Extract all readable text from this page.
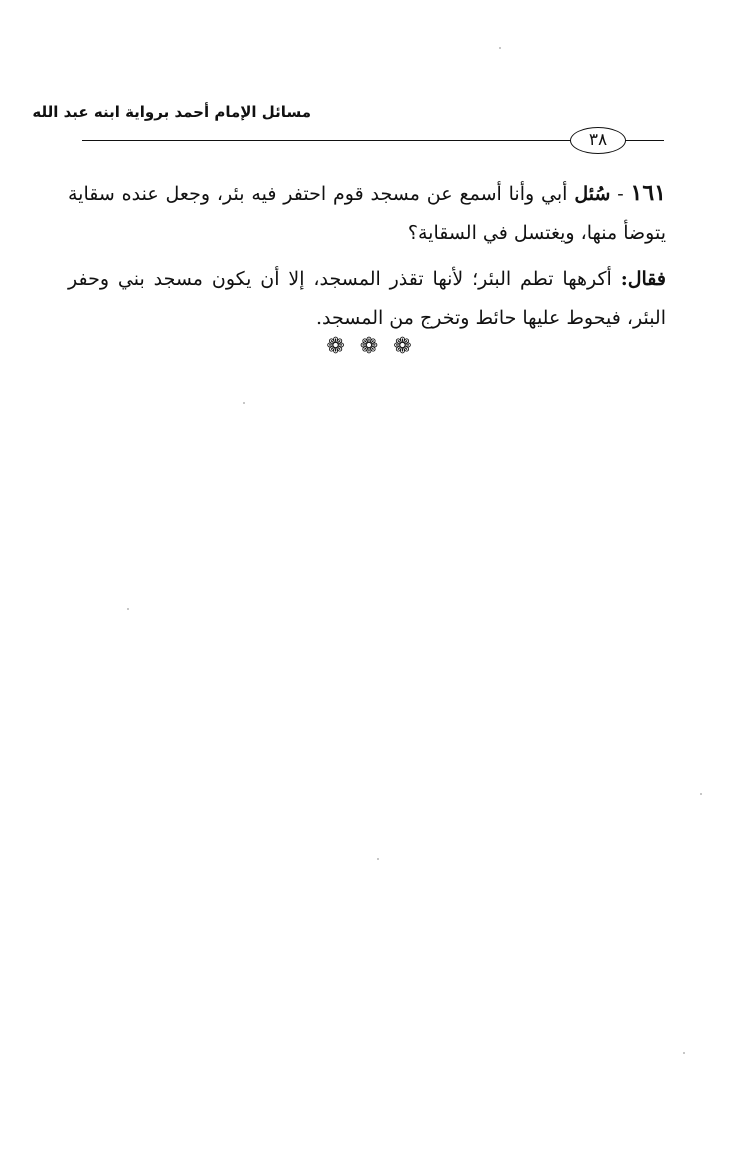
مسائل الإمام أحمد برواية ابنه عبد الله
٣٨

١٦١ - سُئل أبي وأنا أسمع عن مسجد قوم احتفر فيه بئر، وجعل عنده سقاية يتوضأ منها، ويغتسل في السقاية؟

فقال: أكرهها تطم البئر؛ لأنها تقذر المسجد، إلا أن يكون مسجد بني وحفر البئر، فيحوط عليها حائط وتخرج من المسجد.

❁ ❁ ❁
